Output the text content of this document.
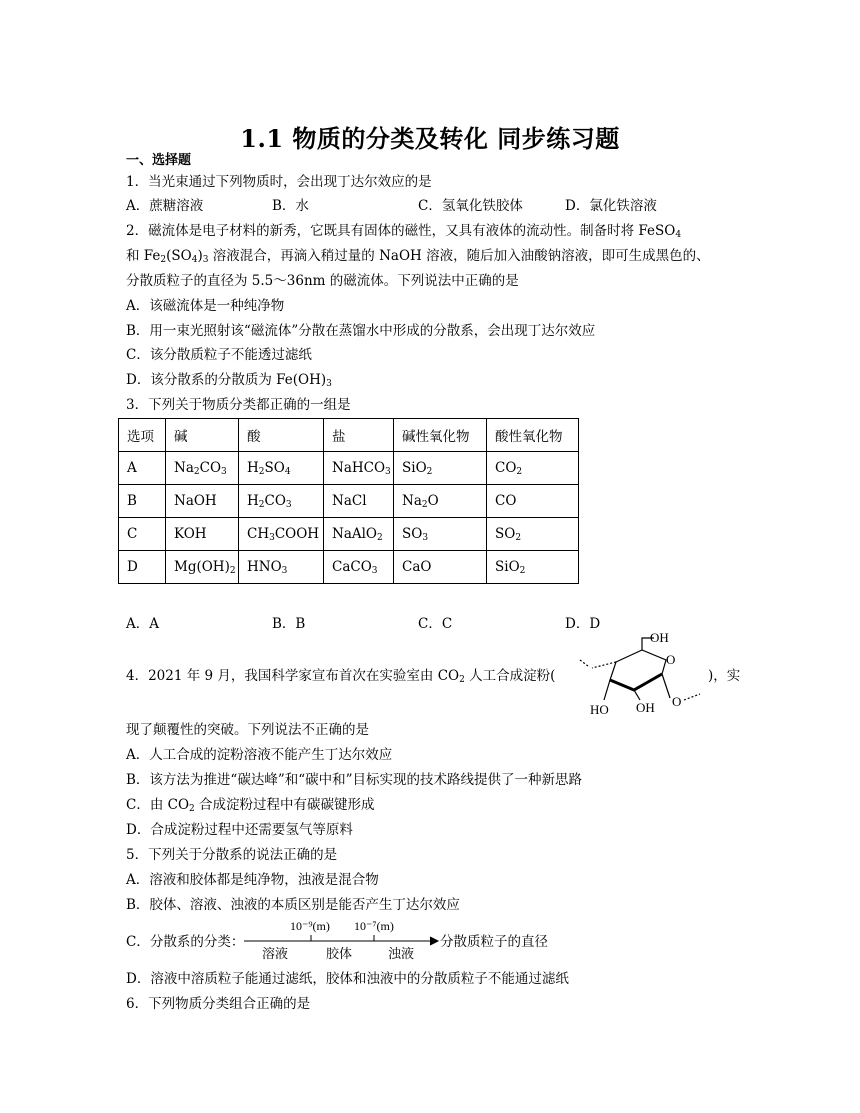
1.1 物质的分类及转化 同步练习题
一、选择题
1．当光束通过下列物质时，会出现丁达尔效应的是
A．蔗糖溶液	B．水	C．氢氧化铁胶体	D．氯化铁溶液
2．磁流体是电子材料的新秀，它既具有固体的磁性，又具有液体的流动性。制备时将 FeSO$_4$
和 $Fe_2(SO_4)_3$ 溶液混合，再滴入稍过量的 NaOH 溶液，随后加入油酸钠溶液，即可生成黑色的、
分散质粒子的直径为 5.5～36nm 的磁流体。下列说法中正确的是
A．该磁流体是一种纯净物
B．用一束光照射该“磁流体”分散在蒸馏水中形成的分散系，会出现丁达尔效应
C．该分散质粒子不能透过滤纸
D．该分散系的分散质为 $Fe(OH)_3$
3．下列关于物质分类都正确的一组是
选项	碱	酸	盐	碱性氧化物	酸性氧化物
A	$Na_2CO_3$	$H_2SO_4$	NaHCO$_3$	SiO$_2$	$CO_2$
B	NaOH	$H_2CO_3$	NaCl	$Na_2O$	CO
C	KOH	$CH_3COOH$	NaAlO$_2$	$SO_3$	$SO_2$
D	$Mg(OH)_2$	$HNO_3$	CaCO$_3$	CaO	SiO$_2$
A．A	B．B	C．C	D．D
4．2021 年 9 月，我国科学家宣布首次在实验室由 $CO_2$ 人工合成淀粉(
OH
O
HO OH O
)，实
现了颠覆性的突破。下列说法不正确的是
A．人工合成的淀粉溶液不能产生丁达尔效应
B．该方法为推进“碳达峰”和“碳中和”目标实现的技术路线提供了一种新思路
C．由 $CO_2$ 合成淀粉过程中有碳碳键形成
D．合成淀粉过程中还需要氢气等原料
5．下列关于分散系的说法正确的是
A．溶液和胶体都是纯净物，浊液是混合物
B．胶体、溶液、浊液的本质区别是能否产生丁达尔效应
C．分散系的分类：
10⁻⁹(m) 10⁻⁷(m)
溶液	胶体	浊液
分散质粒子的直径
D．溶液中溶质粒子能通过滤纸，胶体和浊液中的分散质粒子不能通过滤纸
6．下列物质分类组合正确的是
